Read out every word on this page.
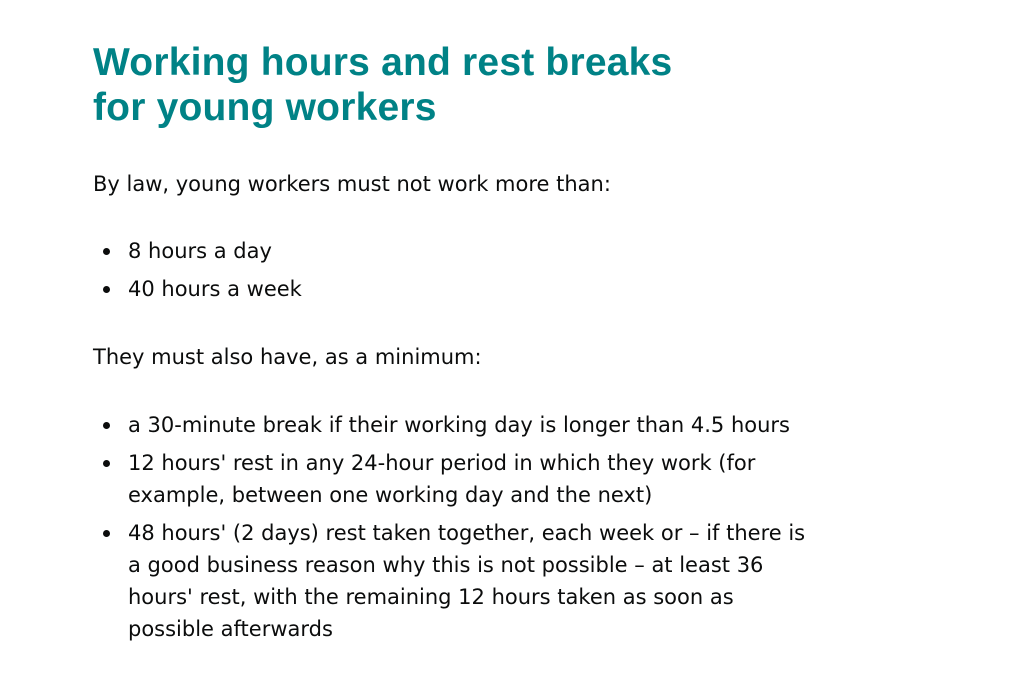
Working hours and rest breaks for young workers

By law, young workers must not work more than:

8 hours a day
40 hours a week

They must also have, as a minimum:

a 30-minute break if their working day is longer than 4.5 hours
12 hours' rest in any 24-hour period in which they work (for example, between one working day and the next)
48 hours' (2 days) rest taken together, each week or – if there is a good business reason why this is not possible – at least 36 hours' rest, with the remaining 12 hours taken as soon as possible afterwards
